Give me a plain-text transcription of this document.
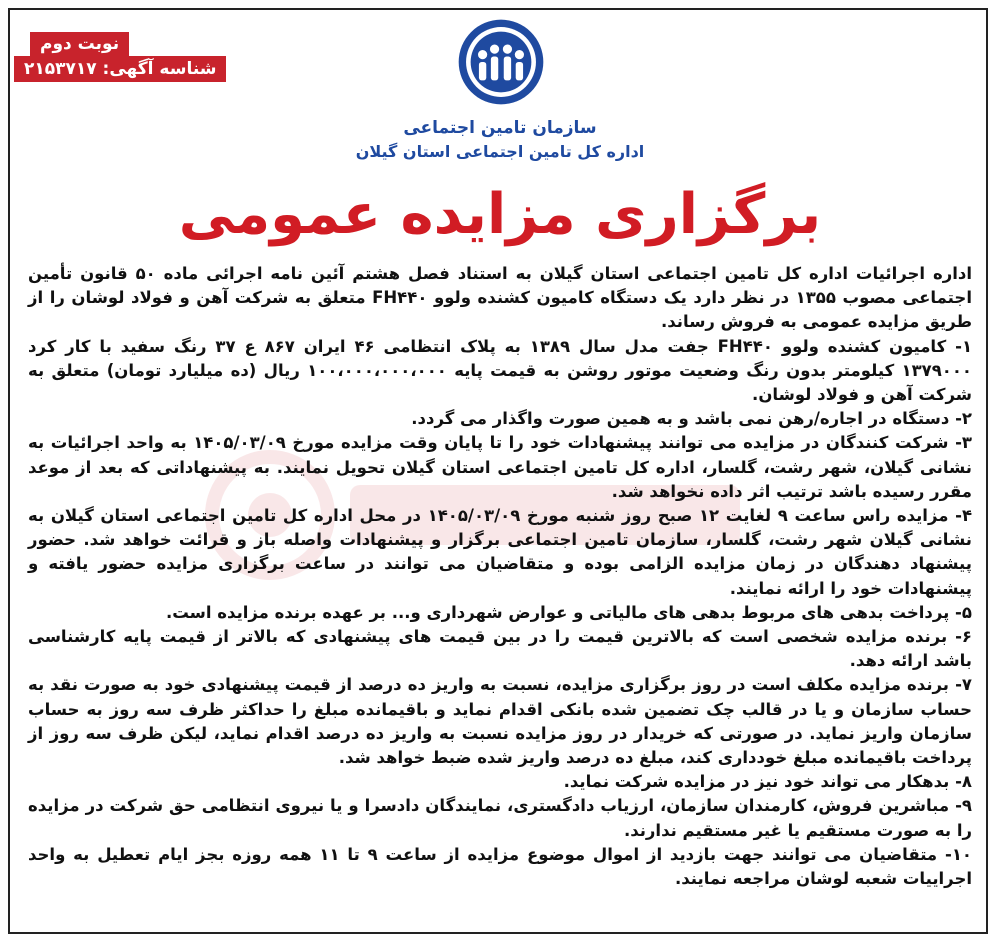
نوبت دوم
شناسه آگهی: ۲۱۵۳۷۱۷
سازمان تامین اجتماعی
اداره کل تامین اجتماعی استان گیلان
برگزاری مزایده عمومی

اداره اجرائیات اداره کل تامین اجتماعی استان گیلان به استناد فصل هشتم آئین نامه اجرائی ماده ۵۰ قانون تأمین اجتماعی مصوب ۱۳۵۵ در نظر دارد یک دستگاه کامیون کشنده ولوو FH۴۴۰ متعلق به شرکت آهن و فولاد لوشان را از طریق مزایده عمومی به فروش رساند.

۱- کامیون کشنده ولوو FH۴۴۰ جفت مدل سال ۱۳۸۹ به پلاک انتظامی ۴۶ ایران ۸۶۷ ع ۳۷ رنگ سفید با کار کرد ۱۳۷۹۰۰۰ کیلومتر بدون رنگ وضعیت موتور روشن به قیمت پایه ۱۰۰،۰۰۰،۰۰۰،۰۰۰ ریال (ده میلیارد تومان) متعلق به شرکت آهن و فولاد لوشان.

۲- دستگاه در اجاره/رهن نمی باشد و به همین صورت واگذار می گردد.

۳- شرکت کنندگان در مزایده می توانند پیشنهادات خود را تا پایان وقت مزایده مورخ ۱۴۰۵/۰۳/۰۹ به واحد اجرائیات به نشانی گیلان، شهر رشت، گلسار، اداره کل تامین اجتماعی استان گیلان تحویل نمایند. به پیشنهاداتی که بعد از موعد مقرر رسیده باشد ترتیب اثر داده نخواهد شد.

۴- مزایده راس ساعت ۹ لغایت ۱۲ صبح روز شنبه مورخ ۱۴۰۵/۰۳/۰۹ در محل اداره کل تامین اجتماعی استان گیلان به نشانی گیلان شهر رشت، گلسار، سازمان تامین اجتماعی برگزار و پیشنهادات واصله باز و قرائت خواهد شد. حضور پیشنهاد دهندگان در زمان مزایده الزامی بوده و متقاضیان می توانند در ساعت برگزاری مزایده حضور یافته و پیشنهادات خود را ارائه نمایند.

۵- پرداخت بدهی های مربوط بدهی های مالیاتی و عوارض شهرداری و... بر عهده برنده مزایده است.

۶- برنده مزایده شخصی است که بالاترین قیمت را در بین قیمت های پیشنهادی که بالاتر از قیمت پایه کارشناسی باشد ارائه دهد.

۷- برنده مزایده مکلف است در روز برگزاری مزایده، نسبت به واریز ده درصد از قیمت پیشنهادی خود به صورت نقد به حساب سازمان و یا در قالب چک تضمین شده بانکی اقدام نماید و باقیمانده مبلغ را حداکثر ظرف سه روز به حساب سازمان واریز نماید. در صورتی که خریدار در روز مزایده نسبت به واریز ده درصد اقدام نماید، لیکن ظرف سه روز از پرداخت باقیمانده مبلغ خودداری کند، مبلغ ده درصد واریز شده ضبط خواهد شد.

۸- بدهکار می تواند خود نیز در مزایده شرکت نماید.

۹- مباشرین فروش، کارمندان سازمان، ارزیاب دادگستری، نمایندگان دادسرا و یا نیروی انتظامی حق شرکت در مزایده را به صورت مستقیم یا غیر مستقیم ندارند.

۱۰- متقاضیان می توانند جهت بازدید از اموال موضوع مزایده از ساعت ۹ تا ۱۱ همه روزه بجز ایام تعطیل به واحد اجراییات شعبه لوشان مراجعه نمایند.
